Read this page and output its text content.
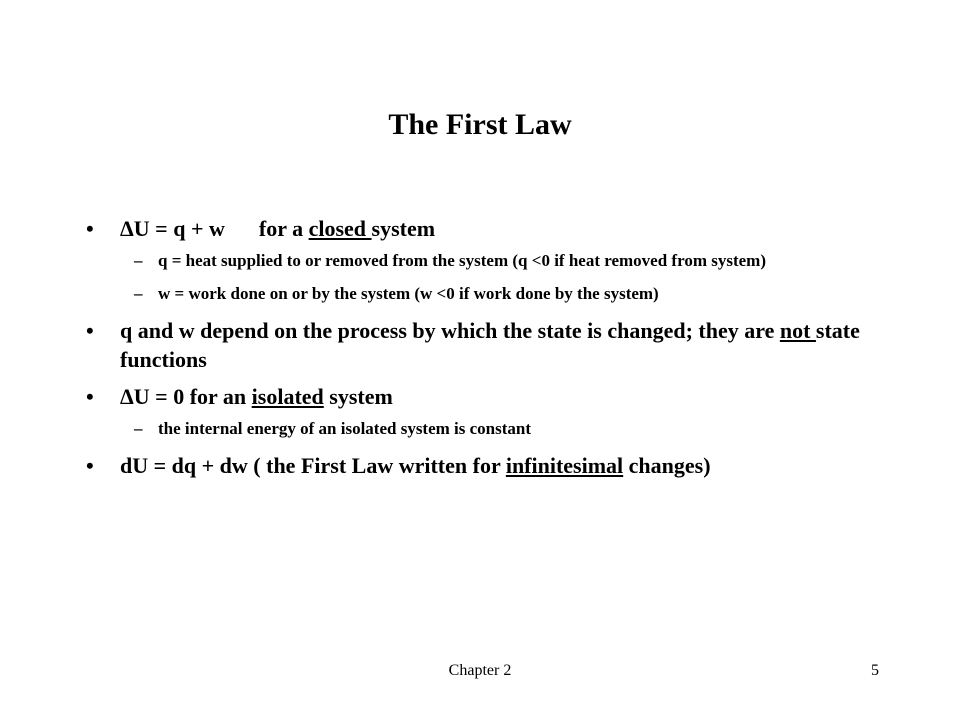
The First Law
• ΔU = q + w for a closed system
– q = heat supplied to or removed from the system (q <0 if heat removed from system)
– w = work done on or by the system (w <0 if work done by the system)
• q and w depend on the process by which the state is changed; they are not state functions
• ΔU = 0 for an isolated system
– the internal energy of an isolated system is constant
• dU = dq + dw ( the First Law written for infinitesimal changes)
Chapter 2	5
